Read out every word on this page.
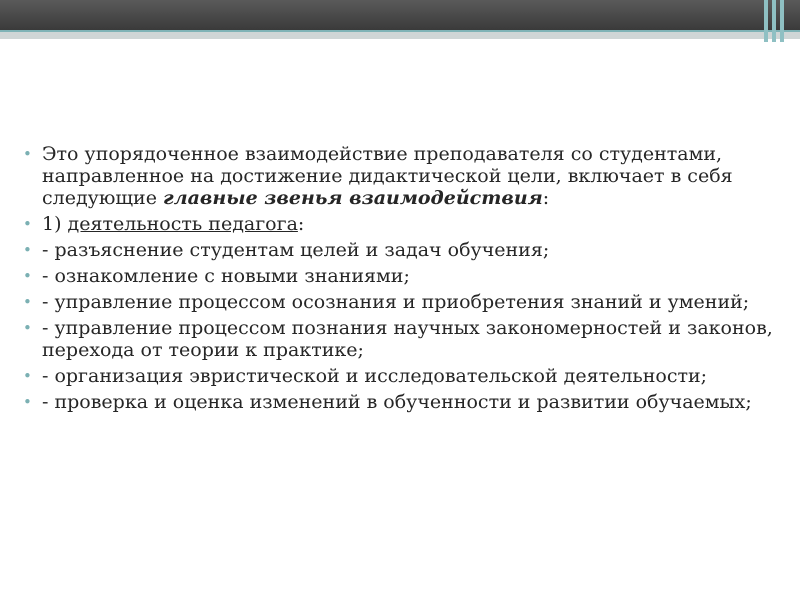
• Это упорядоченное взаимодействие преподавателя со студентами, направленное на достижение дидактической цели, включает в себя следующие главные звенья взаимодействия:
• 1) деятельность педагога:
• - разъяснение студентам целей и задач обучения;
• - ознакомление с новыми знаниями;
• - управление процессом осознания и приобретения знаний и умений;
• - управление процессом познания научных закономерностей и законов, перехода от теории к практике;
• - организация эвристической и исследовательской деятельности;
• - проверка и оценка изменений в обученности и развитии обучаемых;
